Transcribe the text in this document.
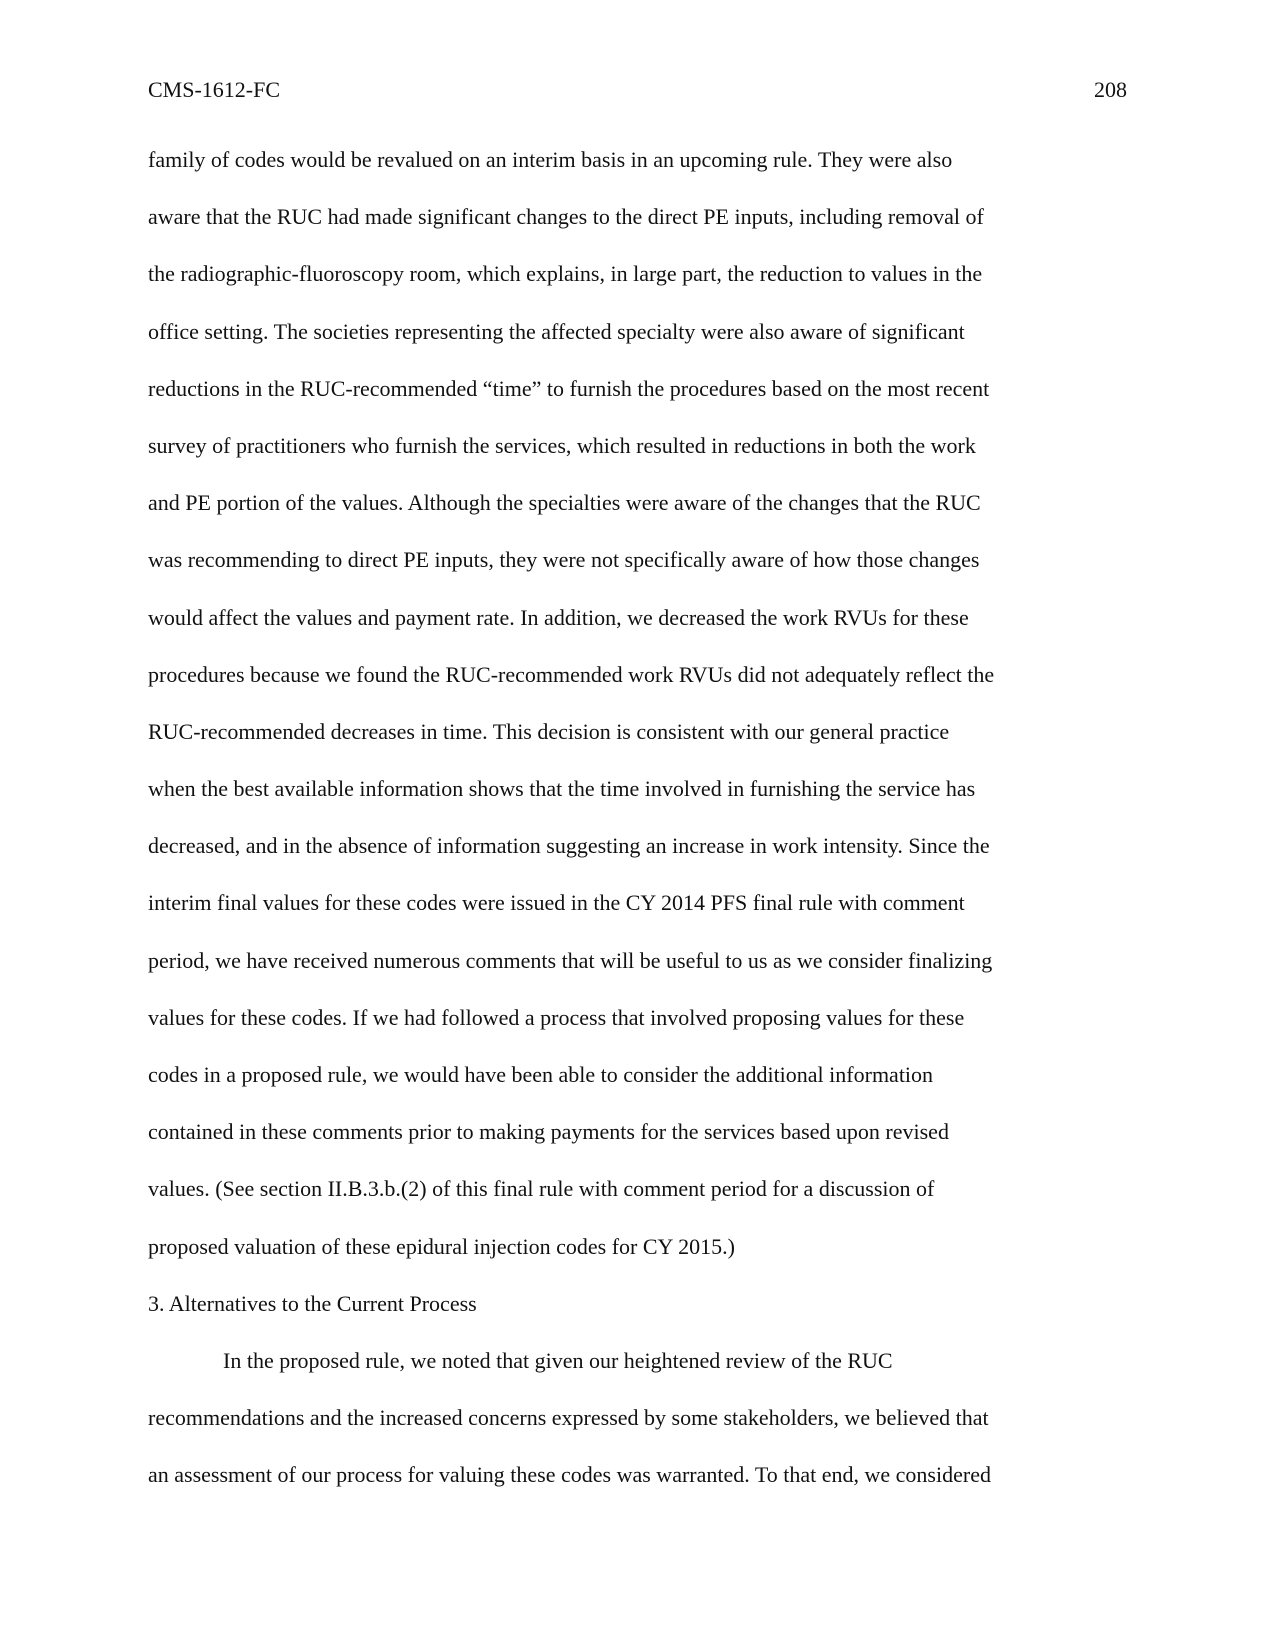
CMS-1612-FC	208
family of codes would be revalued on an interim basis in an upcoming rule. They were also
aware that the RUC had made significant changes to the direct PE inputs, including removal of
the radiographic-fluoroscopy room, which explains, in large part, the reduction to values in the
office setting. The societies representing the affected specialty were also aware of significant
reductions in the RUC-recommended “time” to furnish the procedures based on the most recent
survey of practitioners who furnish the services, which resulted in reductions in both the work
and PE portion of the values. Although the specialties were aware of the changes that the RUC
was recommending to direct PE inputs, they were not specifically aware of how those changes
would affect the values and payment rate. In addition, we decreased the work RVUs for these
procedures because we found the RUC-recommended work RVUs did not adequately reflect the
RUC-recommended decreases in time. This decision is consistent with our general practice
when the best available information shows that the time involved in furnishing the service has
decreased, and in the absence of information suggesting an increase in work intensity. Since the
interim final values for these codes were issued in the CY 2014 PFS final rule with comment
period, we have received numerous comments that will be useful to us as we consider finalizing
values for these codes. If we had followed a process that involved proposing values for these
codes in a proposed rule, we would have been able to consider the additional information
contained in these comments prior to making payments for the services based upon revised
values. (See section II.B.3.b.(2) of this final rule with comment period for a discussion of
proposed valuation of these epidural injection codes for CY 2015.)
3. Alternatives to the Current Process
In the proposed rule, we noted that given our heightened review of the RUC
recommendations and the increased concerns expressed by some stakeholders, we believed that
an assessment of our process for valuing these codes was warranted. To that end, we considered
